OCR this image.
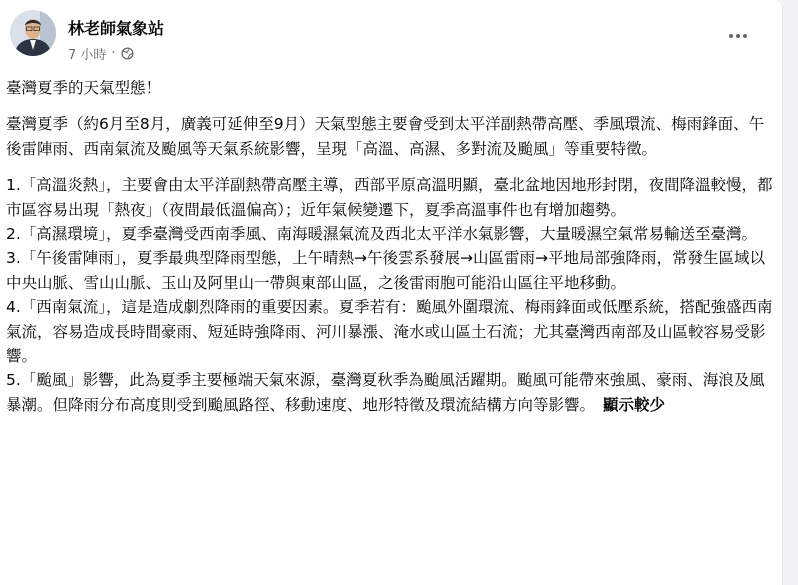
林老師氣象站
7 小時 ·

臺灣夏季的天氣型態！

臺灣夏季（約6月至8月，廣義可延伸至9月）天氣型態主要會受到太平洋副熱帶高壓、季風環流、梅雨鋒面、午後雷陣雨、西南氣流及颱風等天氣系統影響，呈現「高溫、高濕、多對流及颱風」等重要特徵。

1.「高溫炎熱」，主要會由太平洋副熱帶高壓主導，西部平原高溫明顯，臺北盆地因地形封閉，夜間降溫較慢，都市區容易出現「熱夜」（夜間最低溫偏高）；近年氣候變遷下，夏季高溫事件也有增加趨勢。

2.「高濕環境」，夏季臺灣受西南季風、南海暖濕氣流及西北太平洋水氣影響，大量暖濕空氣常易輸送至臺灣。

3.「午後雷陣雨」，夏季最典型降雨型態，上午晴熱→午後雲系發展→山區雷雨→平地局部強降雨，常發生區域以中央山脈、雪山山脈、玉山及阿里山一帶與東部山區，之後雷雨胞可能沿山區往平地移動。

4.「西南氣流」，這是造成劇烈降雨的重要因素。夏季若有：颱風外圍環流、梅雨鋒面或低壓系統，搭配強盛西南氣流，容易造成長時間豪雨、短延時強降雨、河川暴漲、淹水或山區土石流；尤其臺灣西南部及山區較容易受影響。

5.「颱風」影響，此為夏季主要極端天氣來源，臺灣夏秋季為颱風活躍期。颱風可能帶來強風、豪雨、海浪及風暴潮。但降雨分布高度則受到颱風路徑、移動速度、地形特徵及環流結構方向等影響。 顯示較少
